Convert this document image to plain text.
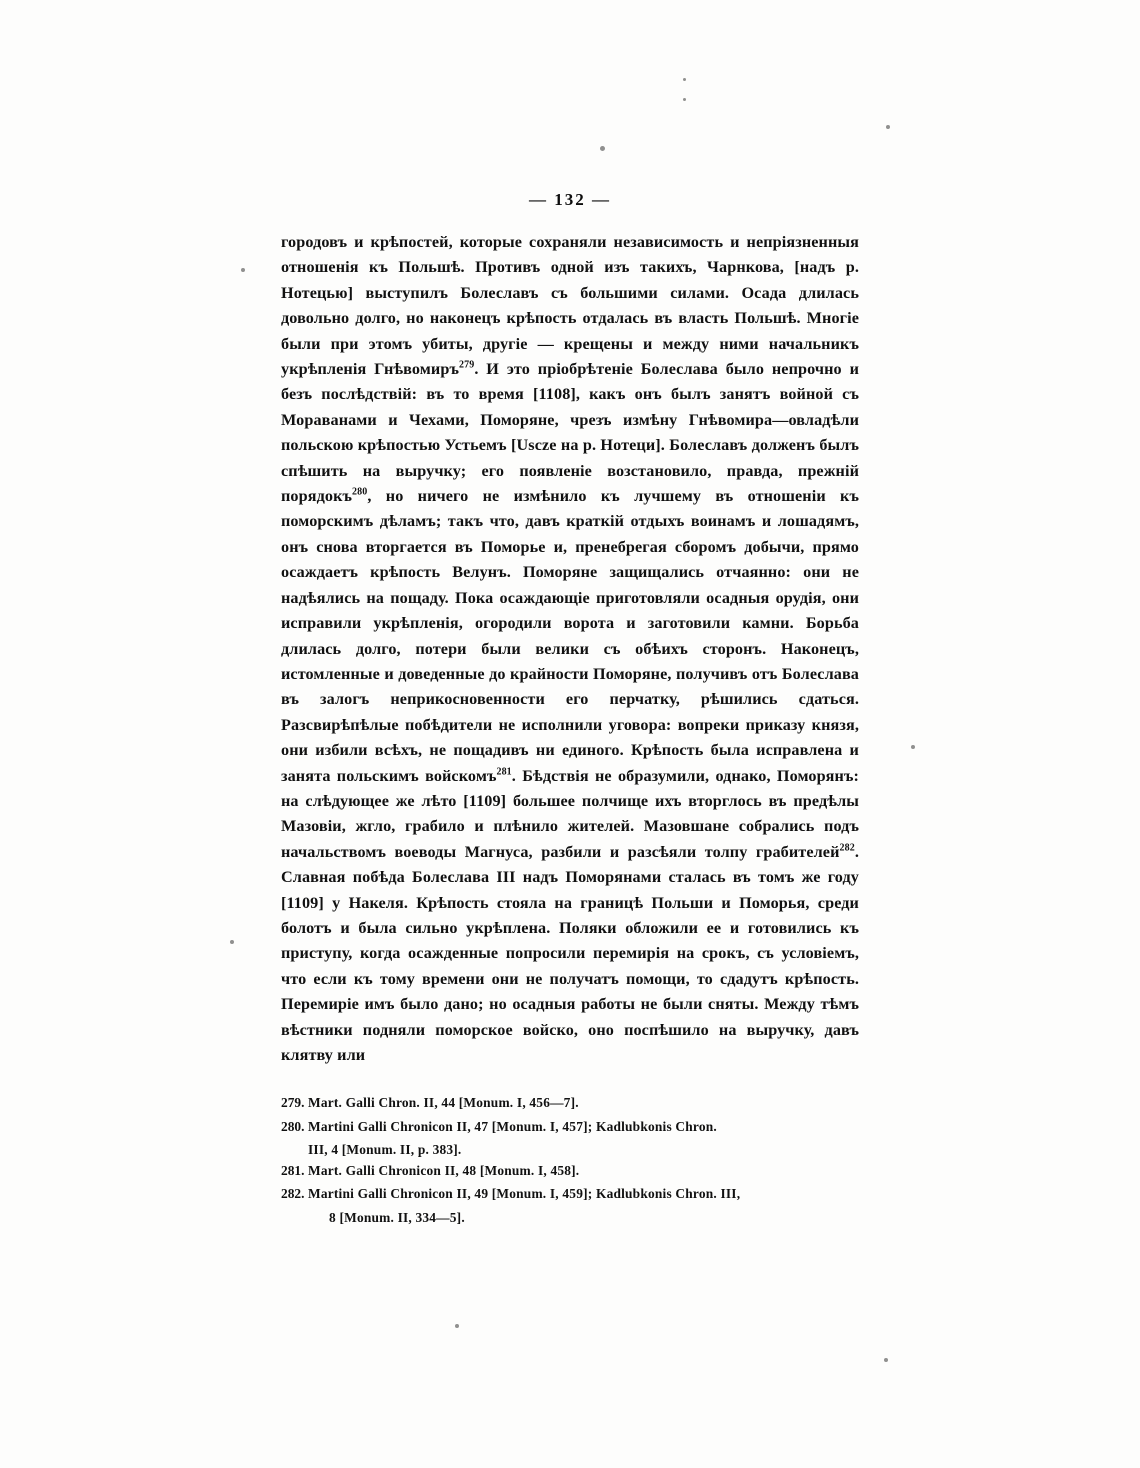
— 132 —

городовъ и крѣпостей, которые сохраняли независимость и непріязненныя отношенія къ Польшѣ. Противъ одной изъ такихъ, Чарнкова, [надъ р. Нотецью] выступилъ Болеславъ съ большими силами. Осада длилась довольно долго, но наконецъ крѣпость отдалась въ власть Польшѣ. Многіе были при этомъ убиты, другіе — крещены и между ними начальникъ укрѣпленія Гнѣвомиръ$^{279}$. И это пріобрѣтеніе Болеслава было непрочно и безъ послѣдствій: въ то время [1108], какъ онъ былъ занятъ войной съ Мораванами и Чехами, Поморяне, чрезъ измѣну Гнѣвомира—овладѣли польскою крѣпостью Устьемъ [Uscze на р. Нотеци]. Болеславъ долженъ былъ спѣшить на выручку; его появленіе возстановило, правда, прежній порядокъ$^{280}$, но ничего не измѣнило къ лучшему въ отношеніи къ поморскимъ дѣламъ; такъ что, давъ краткій отдыхъ воинамъ и лошадямъ, онъ снова вторгается въ Поморье и, пренебрегая сборомъ добычи, прямо осаждаетъ крѣпость Велунъ. Поморяне защищались отчаянно: они не надѣялись на пощаду. Пока осаждающіе приготовляли осадныя орудія, они исправили укрѣпленія, огородили ворота и заготовили камни. Борьба длилась долго, потери были велики съ обѣихъ сторонъ. Наконецъ, истомленные и доведенные до крайности Поморяне, получивъ отъ Болеслава въ залогъ неприкосновенности его перчатку, рѣшились сдаться. Разсвирѣпѣлые побѣдители не исполнили уговора: вопреки приказу князя, они избили всѣхъ, не пощадивъ ни единого. Крѣпость была исправлена и занята польскимъ войскомъ$^{281}$. Бѣдствія не образумили, однако, Поморянъ: на слѣдующее же лѣто [1109] большее полчище ихъ вторглось въ предѣлы Мазовіи, жгло, грабило и плѣнило жителей. Мазовшане собрались подъ начальствомъ воеводы Магнуса, разбили и разсѣяли толпу грабителей$^{282}$. Славная побѣда Болеслава III надъ Поморянами сталась въ томъ же году [1109] у Накеля. Крѣпость стояла на границѣ Польши и Поморья, среди болотъ и была сильно укрѣплена. Поляки обложили ее и готовились къ приступу, когда осажденные попросили перемирія на срокъ, съ условіемъ, что если къ тому времени они не получатъ помощи, то сдадутъ крѣпость. Перемиріе имъ было дано; но осадныя работы не были сняты. Между тѣмъ вѣстники подняли поморское войско, оно поспѣшило на выручку, давъ клятву или

279. Mart. Galli Chron. II, 44 [Monum. I, 456—7].
280. Martini Galli Chronicon II, 47 [Monum. I, 457]; Kadlubkonis Chron.
III, 4 [Monum. II, p. 383].
281. Mart. Galli Chronicon II, 48 [Monum. I, 458].
282. Martini Galli Chronicon II, 49 [Monum. I, 459]; Kadlubkonis Chron. III,
8 [Monum. II, 334—5].
